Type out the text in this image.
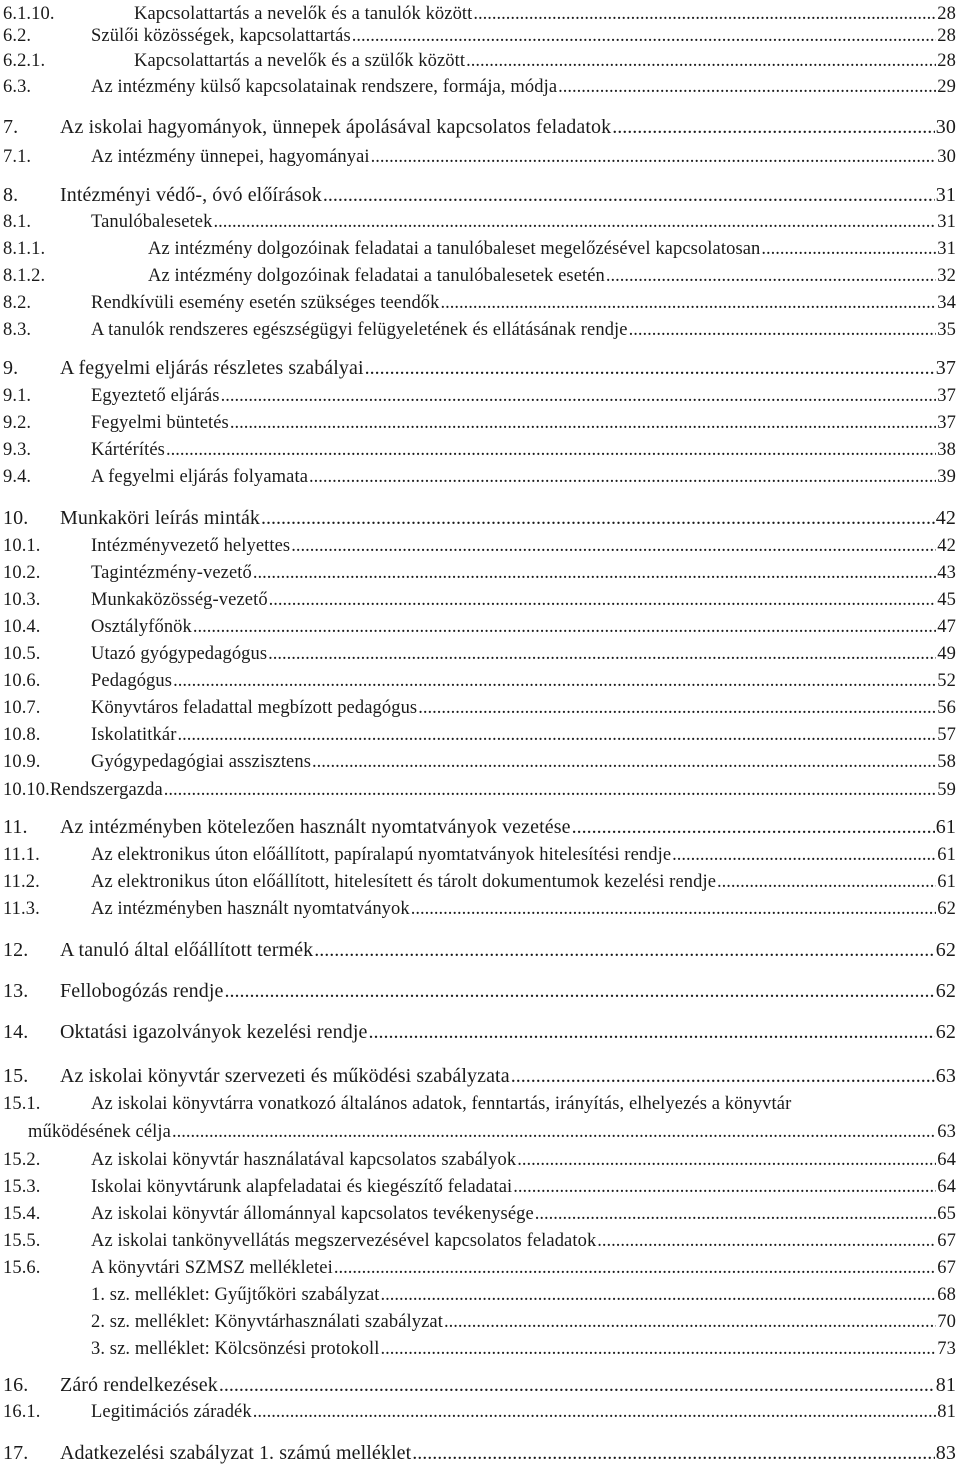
6.1.10.	Kapcsolattartás a nevelők és a tanulók között .....	28
6.2.	Szülői közösségek, kapcsolattartás .....	28
6.2.1.	Kapcsolattartás a nevelők és a szülők között .....	28
6.3.	Az intézmény külső kapcsolatainak rendszere, formája, módja .....	29
7.	Az iskolai hagyományok, ünnepek ápolásával kapcsolatos feladatok .....	30
7.1.	Az intézmény ünnepei, hagyományai .....	30
8.	Intézményi védő-, óvó előírások .....	31
8.1.	Tanulóbalesetek .....	31
8.1.1.	Az intézmény dolgozóinak feladatai a tanulóbaleset megelőzésével kapcsolatosan .....	31
8.1.2.	Az intézmény dolgozóinak feladatai a tanulóbalesetek esetén .....	32
8.2.	Rendkívüli esemény esetén szükséges teendők .....	34
8.3.	A tanulók rendszeres egészségügyi felügyeletének és ellátásának rendje .....	35
9.	A fegyelmi eljárás részletes szabályai .....	37
9.1.	Egyeztető eljárás .....	37
9.2.	Fegyelmi büntetés .....	37
9.3.	Kártérítés .....	38
9.4.	A fegyelmi eljárás folyamata .....	39
10.	Munkaköri leírás minták .....	42
10.1.	Intézményvezető helyettes .....	42
10.2.	Tagintézmény-vezető .....	43
10.3.	Munkaközösség-vezető .....	45
10.4.	Osztályfőnök .....	47
10.5.	Utazó gyógypedagógus .....	49
10.6.	Pedagógus .....	52
10.7.	Könyvtáros feladattal megbízott pedagógus .....	56
10.8.	Iskolatitkár .....	57
10.9.	Gyógypedagógiai asszisztens .....	58
10.10. Rendszergazda .....	59
11.	Az intézményben kötelezően használt nyomtatványok vezetése .....	61
11.1.	Az elektronikus úton előállított, papíralapú nyomtatványok hitelesítési rendje .....	61
11.2.	Az elektronikus úton előállított, hitelesített és tárolt dokumentumok kezelési rendje .....	61
11.3.	Az intézményben használt nyomtatványok .....	62
12.	A tanuló által előállított termék .....	62
13.	Fellobogózás rendje .....	62
14.	Oktatási igazolványok kezelési rendje .....	62
15.	Az iskolai könyvtár szervezeti és működési szabályzata .....	63
15.1.	Az iskolai könyvtárra vonatkozó általános adatok, fenntartás, irányítás, elhelyezés a könyvtár
működésének célja .....	63
15.2.	Az iskolai könyvtár használatával kapcsolatos szabályok .....	64
15.3.	Iskolai könyvtárunk alapfeladatai és kiegészítő feladatai .....	64
15.4.	Az iskolai könyvtár állománnyal kapcsolatos tevékenysége .....	65
15.5.	Az iskolai tankönyvellátás megszervezésével kapcsolatos feladatok .....	67
15.6.	A könyvtári SZMSZ mellékletei .....	67
1. sz. melléklet: Gyűjtőköri szabályzat .....	68
2. sz. melléklet: Könyvtárhasználati szabályzat .....	70
3. sz. melléklet: Kölcsönzési protokoll .....	73
16.	Záró rendelkezések .....	81
16.1.	Legitimációs záradék .....	81
17.	Adatkezelési szabályzat 1. számú melléklet .....	83
